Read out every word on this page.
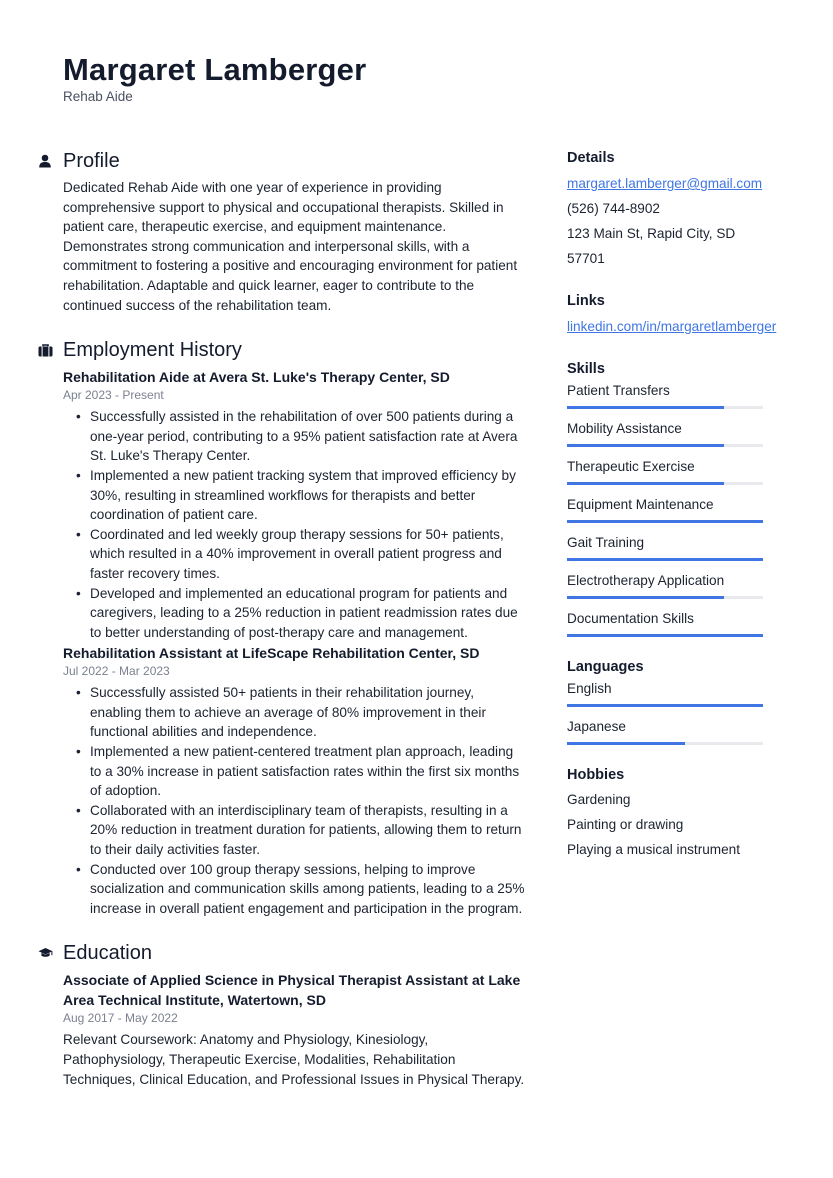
Margaret Lamberger
Rehab Aide
Profile

Dedicated Rehab Aide with one year of experience in providing comprehensive support to physical and occupational therapists. Skilled in patient care, therapeutic exercise, and equipment maintenance. Demonstrates strong communication and interpersonal skills, with a commitment to fostering a positive and encouraging environment for patient rehabilitation. Adaptable and quick learner, eager to contribute to the continued success of the rehabilitation team.

Employment History
Rehabilitation Aide at Avera St. Luke's Therapy Center, SD
Apr 2023 - Present
• Successfully assisted in the rehabilitation of over 500 patients during a one-year period, contributing to a 95% patient satisfaction rate at Avera St. Luke's Therapy Center.
• Implemented a new patient tracking system that improved efficiency by 30%, resulting in streamlined workflows for therapists and better coordination of patient care.
• Coordinated and led weekly group therapy sessions for 50+ patients, which resulted in a 40% improvement in overall patient progress and faster recovery times.
• Developed and implemented an educational program for patients and caregivers, leading to a 25% reduction in patient readmission rates due to better understanding of post-therapy care and management.
Rehabilitation Assistant at LifeScape Rehabilitation Center, SD
Jul 2022 - Mar 2023
• Successfully assisted 50+ patients in their rehabilitation journey, enabling them to achieve an average of 80% improvement in their functional abilities and independence.
• Implemented a new patient-centered treatment plan approach, leading to a 30% increase in patient satisfaction rates within the first six months of adoption.
• Collaborated with an interdisciplinary team of therapists, resulting in a 20% reduction in treatment duration for patients, allowing them to return to their daily activities faster.
• Conducted over 100 group therapy sessions, helping to improve socialization and communication skills among patients, leading to a 25% increase in overall patient engagement and participation in the program.
Education
Associate of Applied Science in Physical Therapist Assistant at Lake Area Technical Institute, Watertown, SD
Aug 2017 - May 2022

Relevant Coursework: Anatomy and Physiology, Kinesiology, Pathophysiology, Therapeutic Exercise, Modalities, Rehabilitation Techniques, Clinical Education, and Professional Issues in Physical Therapy.

Details
margaret.lamberger@gmail.com
(526) 744-8902
123 Main St, Rapid City, SD 57701
Links
linkedin.com/in/margaretlamberger
Skills
Patient Transfers
Mobility Assistance
Therapeutic Exercise
Equipment Maintenance
Gait Training
Electrotherapy Application
Documentation Skills
Languages
English
Japanese
Hobbies
Gardening
Painting or drawing
Playing a musical instrument
